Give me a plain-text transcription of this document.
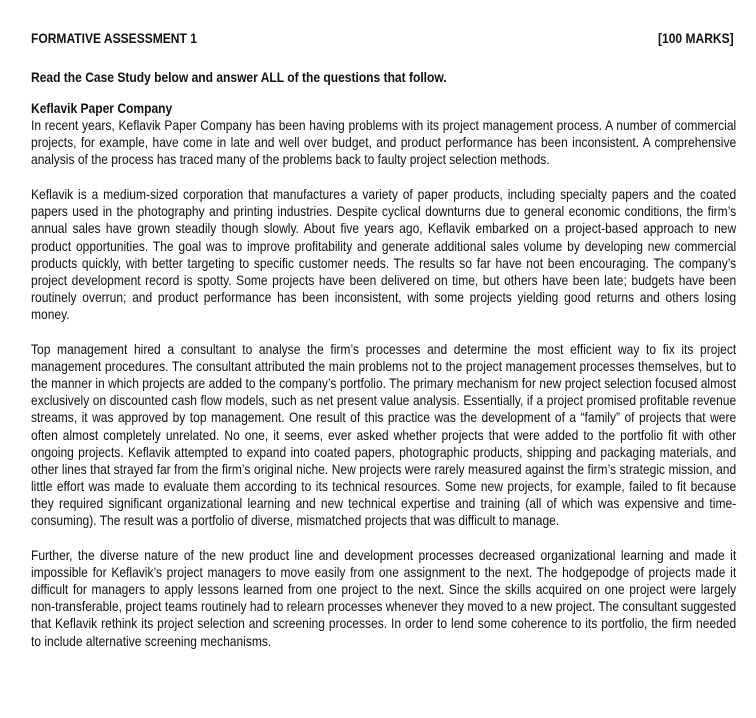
FORMATIVE ASSESSMENT 1	[100 MARKS]
Read the Case Study below and answer ALL of the questions that follow.
Keflavik Paper Company

In recent years, Keflavik Paper Company has been having problems with its project management process. A number of commercial projects, for example, have come in late and well over budget, and product performance has been inconsistent. A comprehensive analysis of the process has traced many of the problems back to faulty project selection methods.

Keflavik is a medium-sized corporation that manufactures a variety of paper products, including specialty papers and the coated papers used in the photography and printing industries. Despite cyclical downturns due to general economic conditions, the firm’s annual sales have grown steadily though slowly. About five years ago, Keflavik embarked on a project-based approach to new product opportunities. The goal was to improve profitability and generate additional sales volume by developing new commercial products quickly, with better targeting to specific customer needs. The results so far have not been encouraging. The company’s project development record is spotty. Some projects have been delivered on time, but others have been late; budgets have been routinely overrun; and product performance has been inconsistent, with some projects yielding good returns and others losing money.

Top management hired a consultant to analyse the firm’s processes and determine the most efficient way to fix its project management procedures. The consultant attributed the main problems not to the project management processes themselves, but to the manner in which projects are added to the company’s portfolio. The primary mechanism for new project selection focused almost exclusively on discounted cash flow models, such as net present value analysis. Essentially, if a project promised profitable revenue streams, it was approved by top management. One result of this practice was the development of a “family” of projects that were often almost completely unrelated. No one, it seems, ever asked whether projects that were added to the portfolio fit with other ongoing projects. Keflavik attempted to expand into coated papers, photographic products, shipping and packaging materials, and other lines that strayed far from the firm’s original niche. New projects were rarely measured against the firm’s strategic mission, and little effort was made to evaluate them according to its technical resources. Some new projects, for example, failed to fit because they required significant organizational learning and new technical expertise and training (all of which was expensive and time-consuming). The result was a portfolio of diverse, mismatched projects that was difficult to manage.

Further, the diverse nature of the new product line and development processes decreased organizational learning and made it impossible for Keflavik’s project managers to move easily from one assignment to the next. The hodgepodge of projects made it difficult for managers to apply lessons learned from one project to the next. Since the skills acquired on one project were largely non-transferable, project teams routinely had to relearn processes whenever they moved to a new project. The consultant suggested that Keflavik rethink its project selection and screening processes. In order to lend some coherence to its portfolio, the firm needed to include alternative screening mechanisms.
